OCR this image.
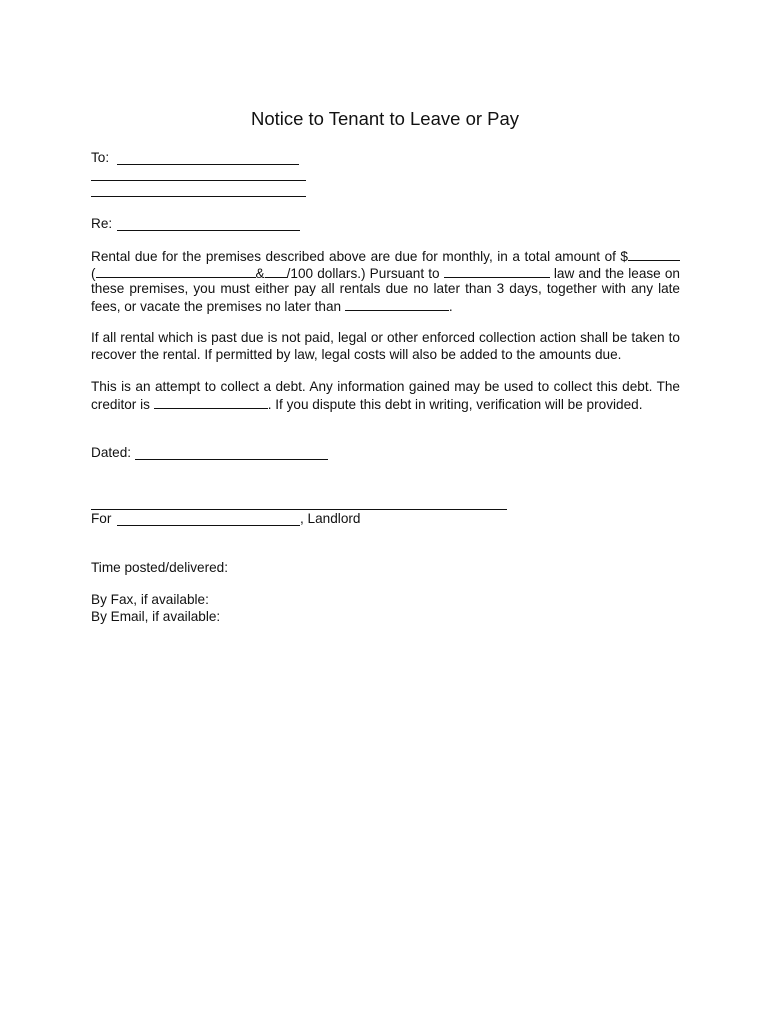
Notice to Tenant to Leave or Pay
To:
Re:
Rental due for the premises described above are due for monthly, in a total amount of $
(	& /100 dollars.) Pursuant to	law and the lease on
these premises, you must either pay all rentals due no later than 3 days, together with any late
fees, or vacate the premises no later than	.
If all rental which is past due is not paid, legal or other enforced collection action shall be taken to
recover the rental. If permitted by law, legal costs will also be added to the amounts due.
This is an attempt to collect a debt. Any information gained may be used to collect this debt. The
creditor is	. If you dispute this debt in writing, verification will be provided.
Dated:
For	, Landlord
Time posted/delivered:
By Fax, if available:
By Email, if available:
